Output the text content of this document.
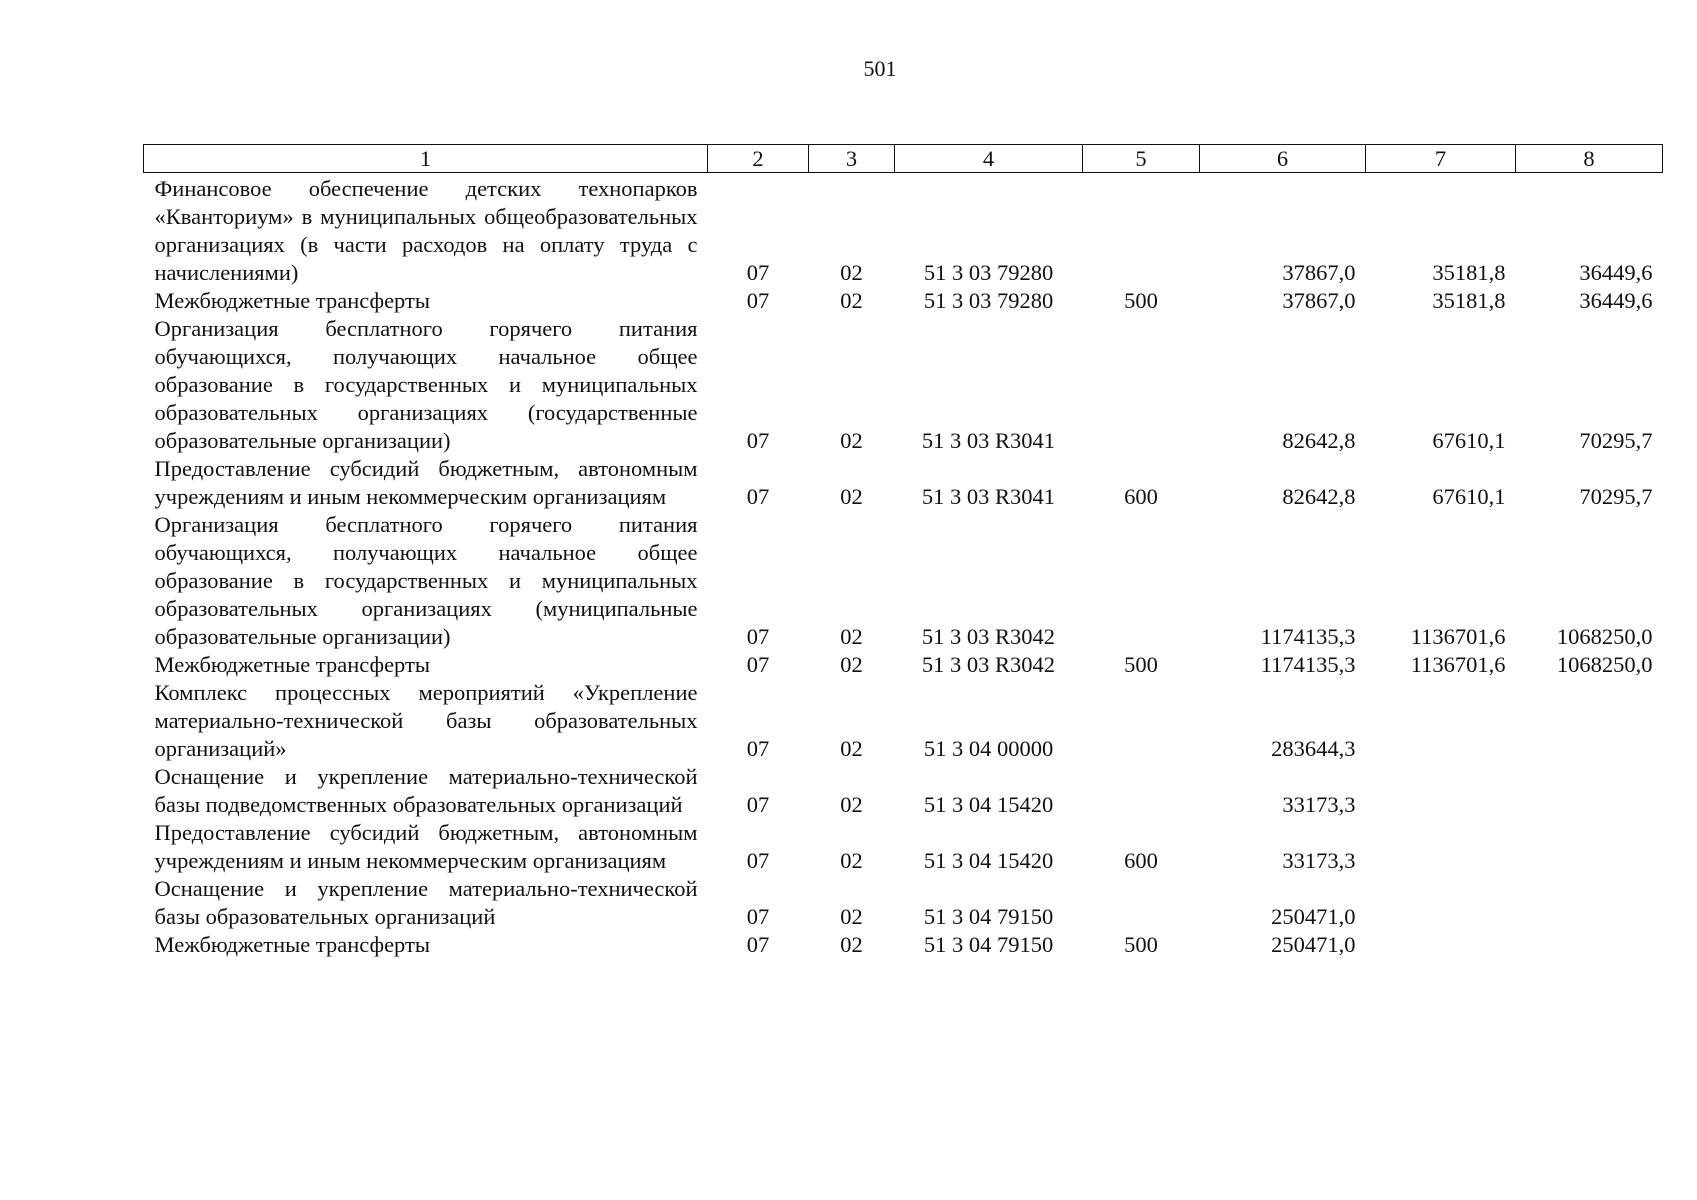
501
1	2	3	4	5	6	7	8
Финансовое обеспечение детских технопарков «Кванториум» в муниципальных общеобразовательных организациях (в части расходов на оплату труда с начислениями)	07	02	51 3 03 79280		37867,0	35181,8	36449,6
Межбюджетные трансферты	07	02	51 3 03 79280	500	37867,0	35181,8	36449,6
Организация бесплатного горячего питания обучающихся, получающих начальное общее образование в государственных и муниципальных образовательных организациях (государственные образовательные организации)	07	02	51 3 03 R3041		82642,8	67610,1	70295,7
Предоставление субсидий бюджетным, автономным учреждениям и иным некоммерческим организациям	07	02	51 3 03 R3041	600	82642,8	67610,1	70295,7
Организация бесплатного горячего питания обучающихся, получающих начальное общее образование в государственных и муниципальных образовательных организациях (муниципальные образовательные организации)	07	02	51 3 03 R3042		1174135,3	1136701,6	1068250,0
Межбюджетные трансферты	07	02	51 3 03 R3042	500	1174135,3	1136701,6	1068250,0
Комплекс процессных мероприятий «Укрепление материально-технической базы образовательных организаций»	07	02	51 3 04 00000		283644,3		
Оснащение и укрепление материально-технической базы подведомственных образовательных организаций	07	02	51 3 04 15420		33173,3		
Предоставление субсидий бюджетным, автономным учреждениям и иным некоммерческим организациям	07	02	51 3 04 15420	600	33173,3		
Оснащение и укрепление материально-технической базы образовательных организаций	07	02	51 3 04 79150		250471,0		
Межбюджетные трансферты	07	02	51 3 04 79150	500	250471,0		
